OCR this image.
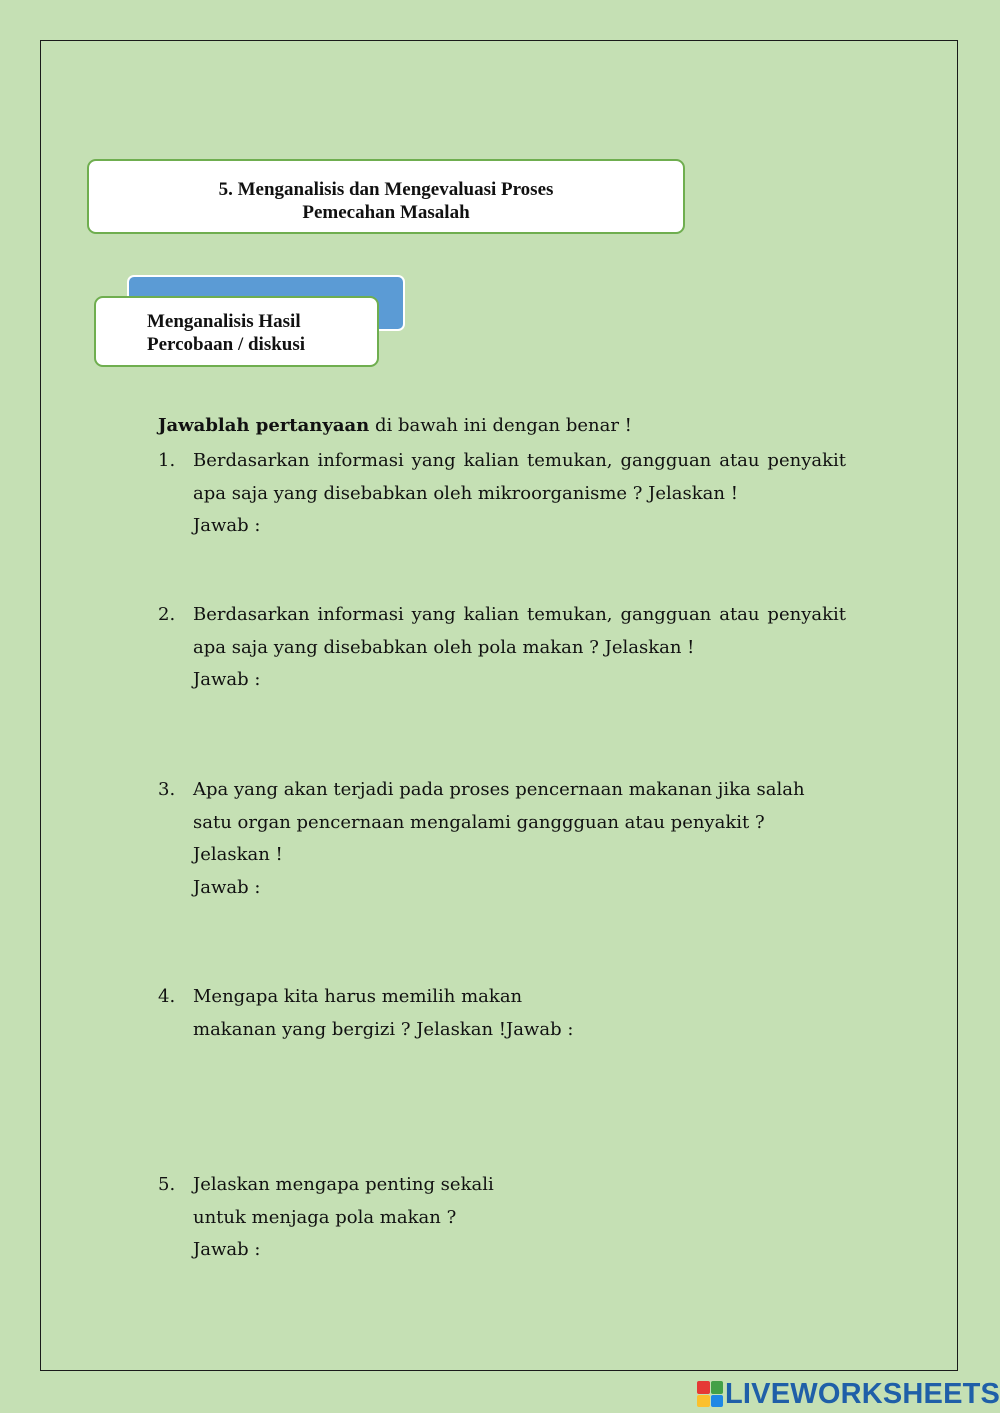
5. Menganalisis dan Mengevaluasi Proses
Pemecahan Masalah
Menganalisis Hasil
Percobaan / diskusi
Jawablah pertanyaan di bawah ini dengan benar !
1. Berdasarkan informasi yang kalian temukan, gangguan atau penyakit
apa saja yang disebabkan oleh mikroorganisme ? Jelaskan !
Jawab :
2. Berdasarkan informasi yang kalian temukan, gangguan atau penyakit
apa saja yang disebabkan oleh pola makan ? Jelaskan !
Jawab :
3. Apa yang akan terjadi pada proses pencernaan makanan jika salah
satu organ pencernaan mengalami ganggguan atau penyakit ?
Jelaskan !
Jawab :
4. Mengapa kita harus memilih makan
makanan yang bergizi ? Jelaskan !Jawab :
5. Jelaskan mengapa penting sekali
untuk menjaga pola makan ?
Jawab :
LIVEWORKSHEETS
